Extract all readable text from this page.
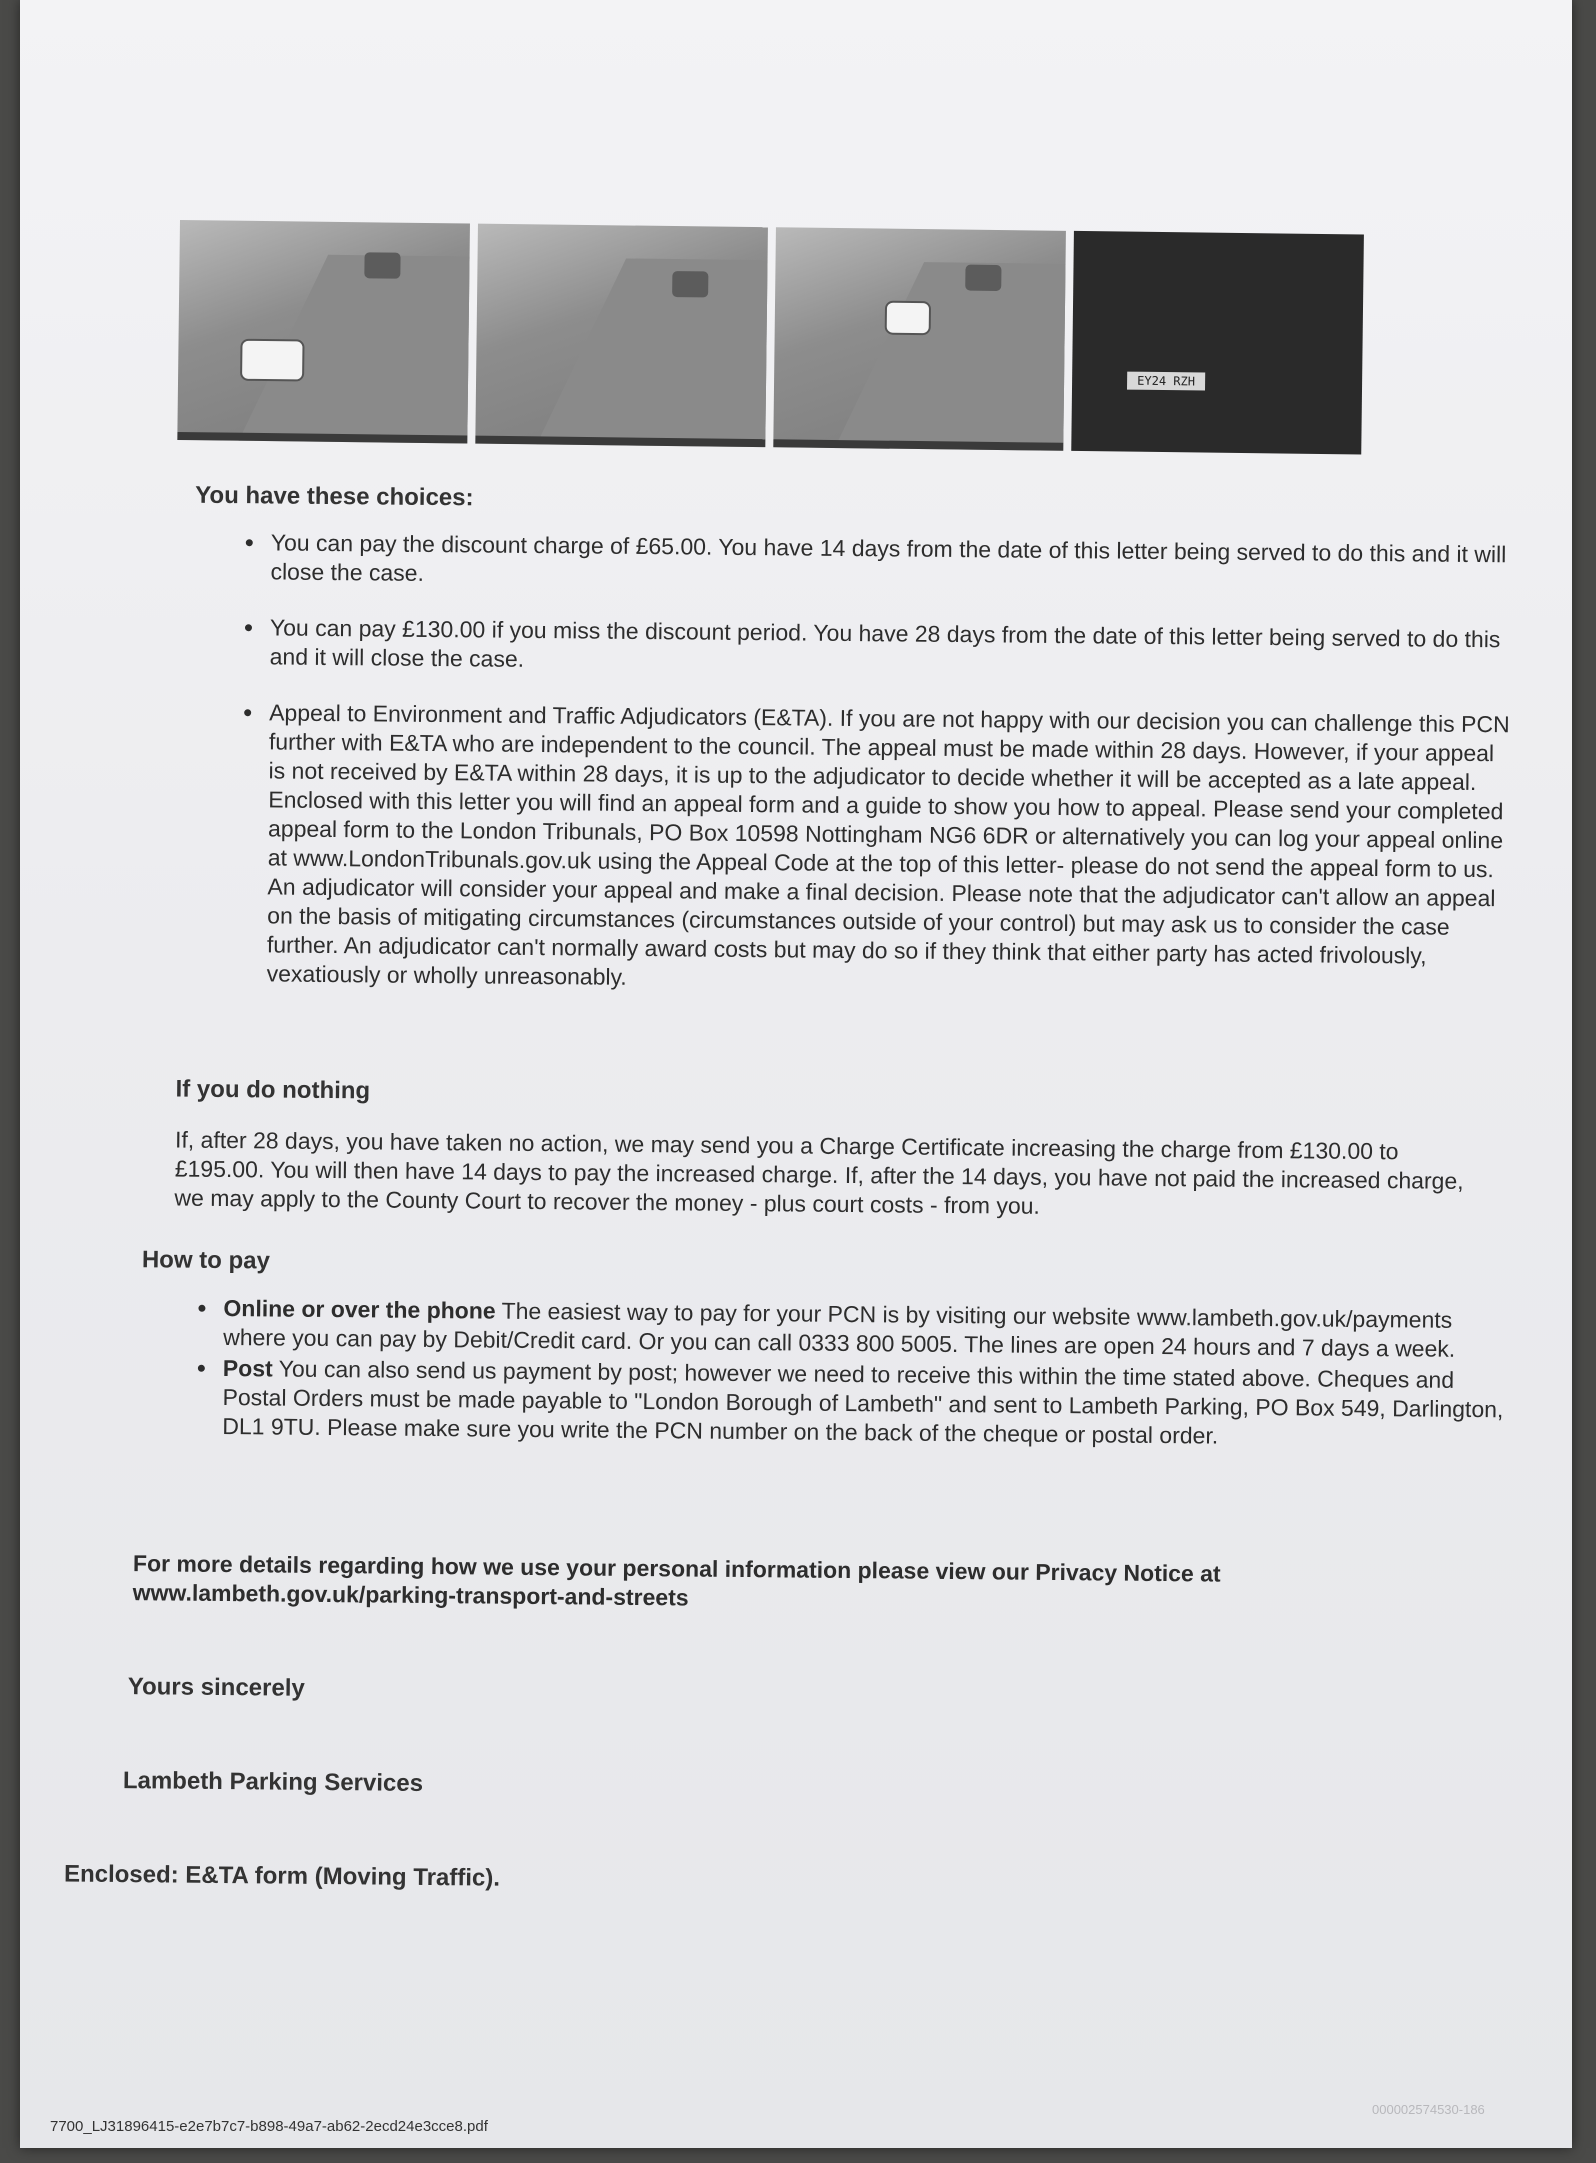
EY24 RZH
You have these choices:
• You can pay the discount charge of £65.00. You have 14 days from the date of this letter being served to do this and it will close the case.
• You can pay £130.00 if you miss the discount period. You have 28 days from the date of this letter being served to do this and it will close the case.
• Appeal to Environment and Traffic Adjudicators (E&TA). If you are not happy with our decision you can challenge this PCN further with E&TA who are independent to the council. The appeal must be made within 28 days. However, if your appeal is not received by E&TA within 28 days, it is up to the adjudicator to decide whether it will be accepted as a late appeal. Enclosed with this letter you will find an appeal form and a guide to show you how to appeal. Please send your completed appeal form to the London Tribunals, PO Box 10598 Nottingham NG6 6DR or alternatively you can log your appeal online at www.LondonTribunals.gov.uk using the Appeal Code at the top of this letter- please do not send the appeal form to us. An adjudicator will consider your appeal and make a final decision. Please note that the adjudicator can't allow an appeal on the basis of mitigating circumstances (circumstances outside of your control) but may ask us to consider the case further. An adjudicator can't normally award costs but may do so if they think that either party has acted frivolously, vexatiously or wholly unreasonably.
If you do nothing
If, after 28 days, you have taken no action, we may send you a Charge Certificate increasing the charge from £130.00 to £195.00. You will then have 14 days to pay the increased charge. If, after the 14 days, you have not paid the increased charge, we may apply to the County Court to recover the money - plus court costs - from you.
How to pay
• Online or over the phone The easiest way to pay for your PCN is by visiting our website www.lambeth.gov.uk/payments where you can pay by Debit/Credit card. Or you can call 0333 800 5005. The lines are open 24 hours and 7 days a week.
• Post You can also send us payment by post; however we need to receive this within the time stated above. Cheques and Postal Orders must be made payable to "London Borough of Lambeth" and sent to Lambeth Parking, PO Box 549, Darlington, DL1 9TU. Please make sure you write the PCN number on the back of the cheque or postal order.
For more details regarding how we use your personal information please view our Privacy Notice at www.lambeth.gov.uk/parking-transport-and-streets
Yours sincerely
Lambeth Parking Services
Enclosed: E&TA form (Moving Traffic).
7700_LJ31896415-e2e7b7c7-b898-49a7-ab62-2ecd24e3cce8.pdf
000002574530-186
